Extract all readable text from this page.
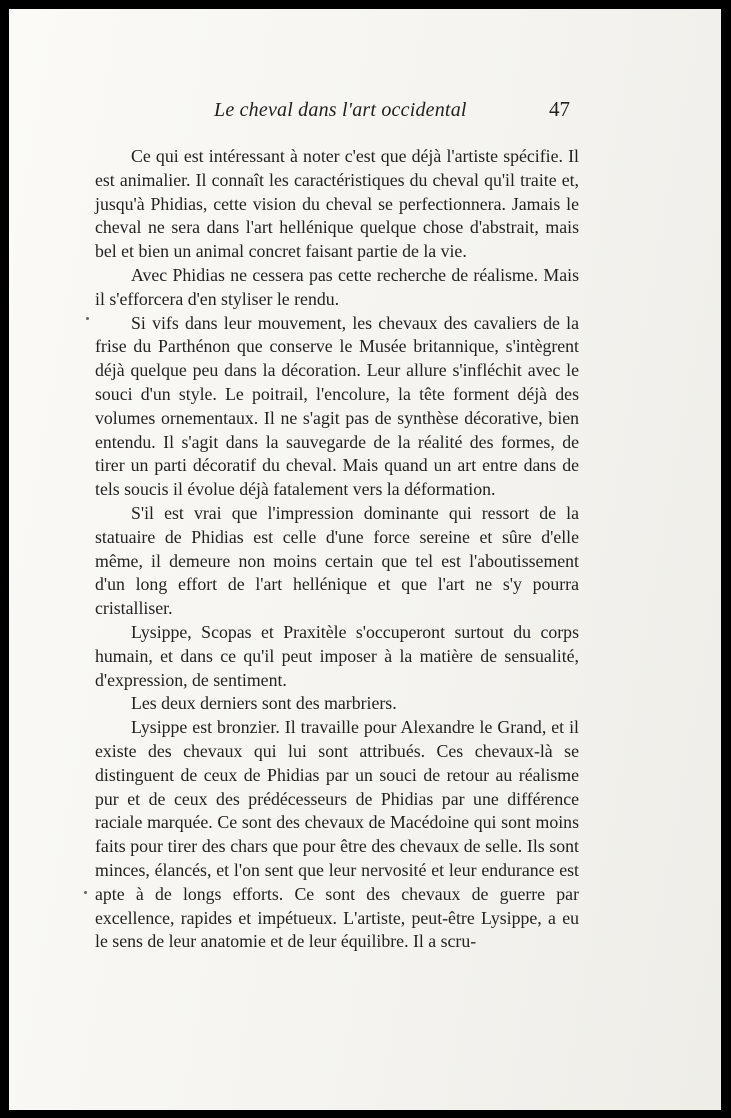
Le cheval dans l'art occidental	47

Ce qui est intéressant à noter c'est que déjà l'artiste spécifie. Il est animalier. Il connaît les caractéristiques du cheval qu'il traite et, jusqu'à Phidias, cette vision du cheval se perfectionnera. Jamais le cheval ne sera dans l'art hellénique quelque chose d'abstrait, mais bel et bien un animal concret faisant partie de la vie.

Avec Phidias ne cessera pas cette recherche de réalisme. Mais il s'efforcera d'en styliser le rendu.

Si vifs dans leur mouvement, les chevaux des cavaliers de la frise du Parthénon que conserve le Musée britannique, s'intègrent déjà quelque peu dans la décoration. Leur allure s'infléchit avec le souci d'un style. Le poitrail, l'encolure, la tête forment déjà des volumes ornementaux. Il ne s'agit pas de synthèse décorative, bien entendu. Il s'agit dans la sauvegarde de la réalité des formes, de tirer un parti décoratif du cheval. Mais quand un art entre dans de tels soucis il évolue déjà fatalement vers la déformation.

S'il est vrai que l'impression dominante qui ressort de la statuaire de Phidias est celle d'une force sereine et sûre d'elle même, il demeure non moins certain que tel est l'aboutissement d'un long effort de l'art hellénique et que l'art ne s'y pourra cristalliser.

Lysippe, Scopas et Praxitèle s'occuperont surtout du corps humain, et dans ce qu'il peut imposer à la matière de sensualité, d'expression, de sentiment.

Les deux derniers sont des marbriers.

Lysippe est bronzier. Il travaille pour Alexandre le Grand, et il existe des chevaux qui lui sont attribués. Ces chevaux-là se distinguent de ceux de Phidias par un souci de retour au réalisme pur et de ceux des prédécesseurs de Phidias par une différence raciale marquée. Ce sont des chevaux de Macédoine qui sont moins faits pour tirer des chars que pour être des chevaux de selle. Ils sont minces, élancés, et l'on sent que leur nervosité et leur endurance est apte à de longs efforts. Ce sont des chevaux de guerre par excellence, rapides et impétueux. L'artiste, peut-être Lysippe, a eu le sens de leur anatomie et de leur équilibre. Il a scru-
